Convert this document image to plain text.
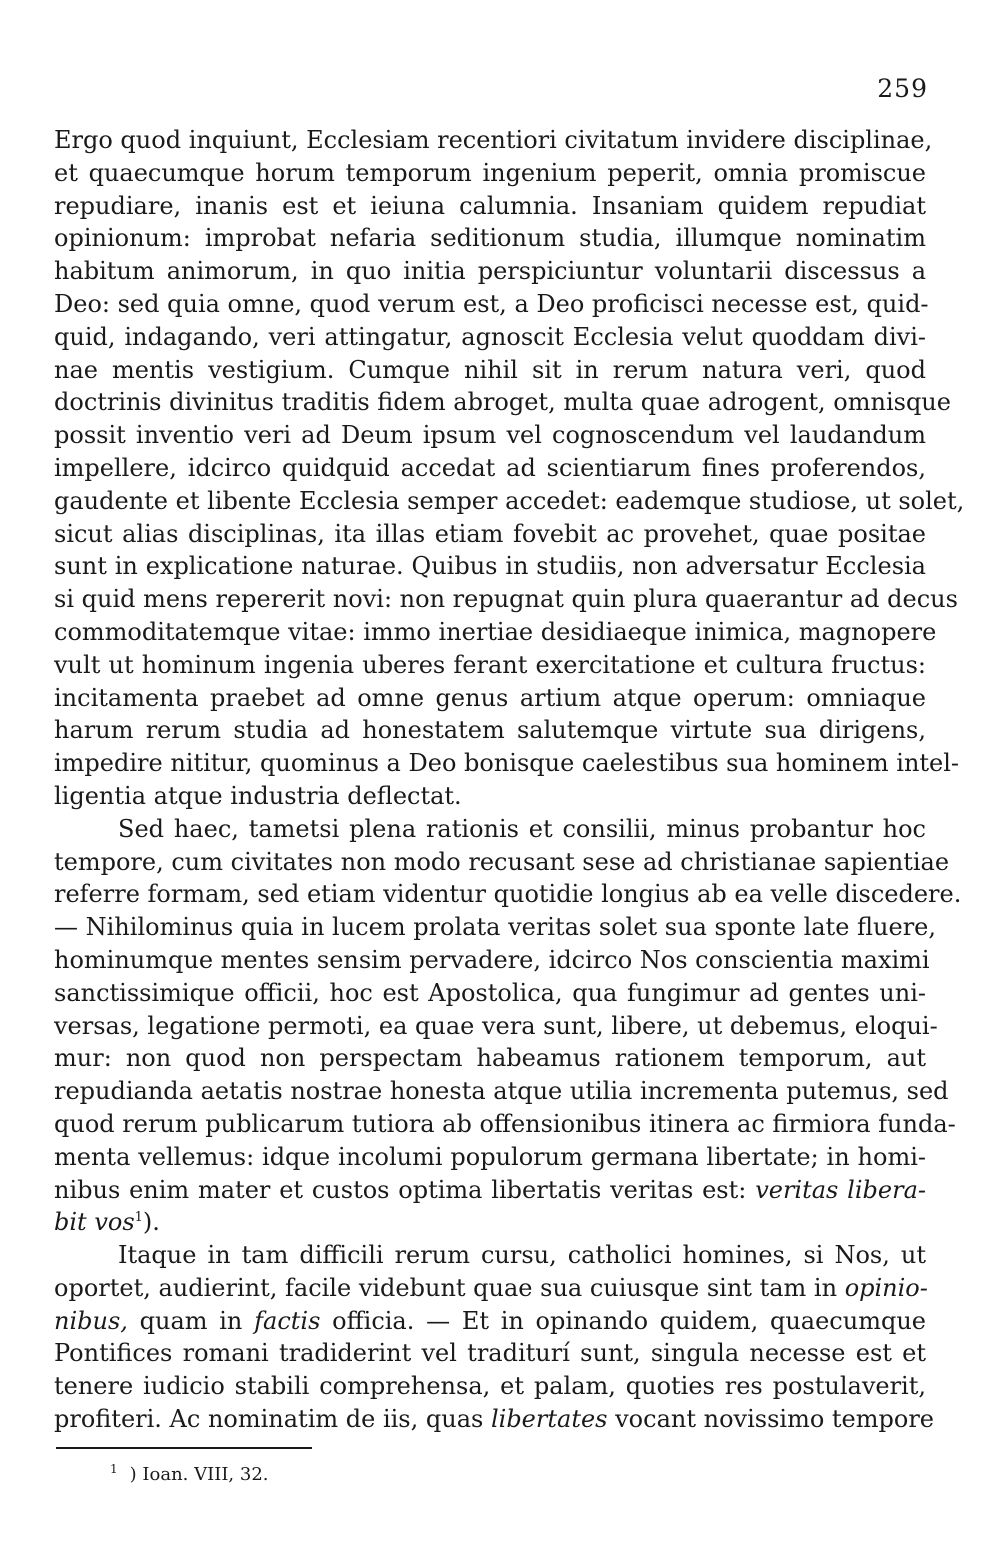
259
Ergo quod inquiunt, Ecclesiam recentiori civitatum invidere disciplinae,
et quaecumque horum temporum ingenium peperit, omnia promiscue
repudiare, inanis est et ieiuna calumnia. Insaniam quidem repudiat
opinionum: improbat nefaria seditionum studia, illumque nominatim
habitum animorum, in quo initia perspiciuntur voluntarii discessus a
Deo: sed quia omne, quod verum est, a Deo proficisci necesse est, quid-
quid, indagando, veri attingatur, agnoscit Ecclesia velut quoddam divi-
nae mentis vestigium. Cumque nihil sit in rerum natura veri, quod
doctrinis divinitus traditis fidem abroget, multa quae adrogent, omnisque
possit inventio veri ad Deum ipsum vel cognoscendum vel laudandum
impellere, idcirco quidquid accedat ad scientiarum fines proferendos,
gaudente et libente Ecclesia semper accedet: eademque studiose, ut solet,
sicut alias disciplinas, ita illas etiam fovebit ac provehet, quae positae
sunt in explicatione naturae. Quibus in studiis, non adversatur Ecclesia
si quid mens repererit novi: non repugnat quin plura quaerantur ad decus
commoditatemque vitae: immo inertiae desidiaeque inimica, magnopere
vult ut hominum ingenia uberes ferant exercitatione et cultura fructus:
incitamenta praebet ad omne genus artium atque operum: omniaque
harum rerum studia ad honestatem salutemque virtute sua dirigens,
impedire nititur, quominus a Deo bonisque caelestibus sua hominem intel-
ligentia atque industria deflectat.
Sed haec, tametsi plena rationis et consilii, minus probantur hoc
tempore, cum civitates non modo recusant sese ad christianae sapientiae
referre formam, sed etiam videntur quotidie longius ab ea velle discedere.
— Nihilominus quia in lucem prolata veritas solet sua sponte late fluere,
hominumque mentes sensim pervadere, idcirco Nos conscientia maximi
sanctissimique officii, hoc est Apostolica, qua fungimur ad gentes uni-
versas, legatione permoti, ea quae vera sunt, libere, ut debemus, eloqui-
mur: non quod non perspectam habeamus rationem temporum, aut
repudianda aetatis nostrae honesta atque utilia incrementa putemus, sed
quod rerum publicarum tutiora ab offensionibus itinera ac firmiora funda-
menta vellemus: idque incolumi populorum germana libertate; in homi-
nibus enim mater et custos optima libertatis veritas est: veritas libera-
bit vos$^1$).
Itaque in tam difficili rerum cursu, catholici homines, si Nos, ut
oportet, audierint, facile videbunt quae sua cuiusque sint tam in opinio-
nibus, quam in factis officia. — Et in opinando quidem, quaecumque
Pontifices romani tradiderint vel traditurí sunt, singula necesse est et
tenere iudicio stabili comprehensa, et palam, quoties res postulaverit,
profiteri. Ac nominatim de iis, quas libertates vocant novissimo tempore
$^1$ ) Ioan. VIII, 32.
